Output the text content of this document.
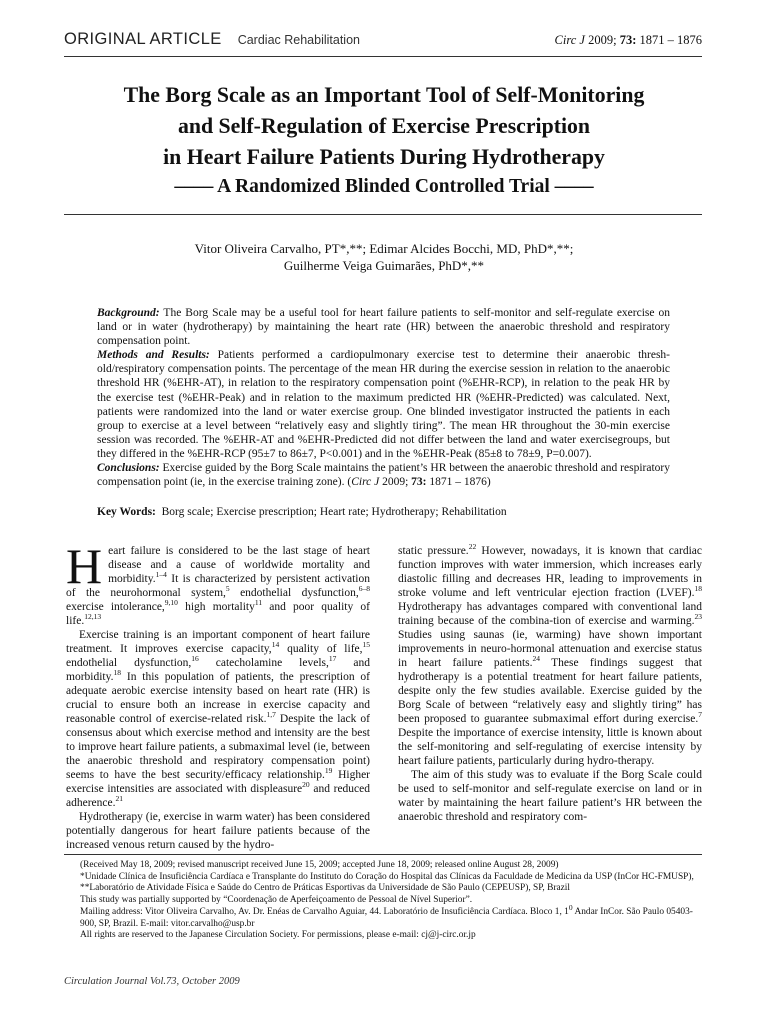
ORIGINAL ARTICLE Cardiac Rehabilitation	Circ J 2009; 73: 1871 – 1876
The Borg Scale as an Important Tool of Self-Monitoring
and Self-Regulation of Exercise Prescription
in Heart Failure Patients During Hydrotherapy
–––– A Randomized Blinded Controlled Trial ––––
Vitor Oliveira Carvalho, PT*,**; Edimar Alcides Bocchi, MD, PhD*,**;
Guilherme Veiga Guimarães, PhD*,**

Background: The Borg Scale may be a useful tool for heart failure patients to self-monitor and self-regulate exercise on land or in water (hydrotherapy) by maintaining the heart rate (HR) between the anaerobic threshold and respiratory compensation point.

Methods and Results: Patients performed a cardiopulmonary exercise test to determine their anaerobic thresh-old/respiratory compensation points. The percentage of the mean HR during the exercise session in relation to the anaerobic threshold HR (%EHR-AT), in relation to the respiratory compensation point (%EHR-RCP), in relation to the peak HR by the exercise test (%EHR-Peak) and in relation to the maximum predicted HR (%EHR-Predicted) was calculated. Next, patients were randomized into the land or water exercise group. One blinded investigator instructed the patients in each group to exercise at a level between “relatively easy and slightly tiring”. The mean HR throughout the 30-min exercise session was recorded. The %EHR-AT and %EHR-Predicted did not differ between the land and water exercisegroups, but they differed in the %EHR-RCP (95±7 to 86±7, P<0.001) and in the %EHR-Peak (85±8 to 78±9, P=0.007).

Conclusions: Exercise guided by the Borg Scale maintains the patient’s HR between the anaerobic threshold and respiratory compensation point (ie, in the exercise training zone). (Circ J 2009; 73: 1871 – 1876)

Key Words: Borg scale; Exercise prescription; Heart rate; Hydrotherapy; Rehabilitation

Heart failure is considered to be the last stage of heart disease and a cause of worldwide mortality and morbidity.$^{1-4}$ It is characterized by persistent activation of the neurohormonal system,$^5$ endothelial dysfunction,$^{6-8}$ exercise intolerance,$^{9,10}$ high mortality$^{11}$ and poor quality of life.$^{12,13}$

Exercise training is an important component of heart failure treatment. It improves exercise capacity,$^{14}$ quality of life,$^{15}$ endothelial dysfunction,$^{16}$ catecholamine levels,$^{17}$ and morbidity.$^{18}$ In this population of patients, the prescription of adequate aerobic exercise intensity based on heart rate (HR) is crucial to ensure both an increase in exercise capacity and reasonable control of exercise-related risk.$^{1,7}$ Despite the lack of consensus about which exercise method and intensity are the best to improve heart failure patients, a submaximal level (ie, between the anaerobic threshold and respiratory compensation point) seems to have the best security/efficacy relationship.$^{19}$ Higher exercise intensities are associated with displeasure$^{20}$ and reduced adherence.$^{21}$

Hydrotherapy (ie, exercise in warm water) has been considered potentially dangerous for heart failure patients because of the increased venous return caused by the hydro-

static pressure.$^{22}$ However, nowadays, it is known that cardiac function improves with water immersion, which increases early diastolic filling and decreases HR, leading to improvements in stroke volume and left ventricular ejection fraction (LVEF).$^{18}$ Hydrotherapy has advantages compared with conventional land training because of the combina-tion of exercise and warming.$^{23}$ Studies using saunas (ie, warming) have shown important improvements in neuro-hormonal attenuation and exercise status in heart failure patients.$^{24}$ These findings suggest that hydrotherapy is a potential treatment for heart failure patients, despite only the few studies available. Exercise guided by the Borg Scale of between “relatively easy and slightly tiring” has been proposed to guarantee submaximal effort during exercise.$^7$ Despite the importance of exercise intensity, little is known about the self-monitoring and self-regulating of exercise intensity by heart failure patients, particularly during hydro-therapy.

The aim of this study was to evaluate if the Borg Scale could be used to self-monitor and self-regulate exercise on land or in water by maintaining the heart failure patient’s HR between the anaerobic threshold and respiratory com-

(Received May 18, 2009; revised manuscript received June 15, 2009; accepted June 18, 2009; released online August 28, 2009)

*Unidade Clínica de Insuficiência Cardíaca e Transplante do Instituto do Coração do Hospital das Clínicas da Faculdade de Medicina da USP (InCor HC-FMUSP), **Laboratório de Atividade Física e Saúde do Centro de Práticas Esportivas da Universidade de São Paulo (CEPEUSP), SP, Brazil

This study was partially supported by “Coordenação de Aperfeiçoamento de Pessoal de Nível Superior”.

Mailing address: Vitor Oliveira Carvalho, Av. Dr. Enéas de Carvalho Aguiar, 44. Laboratório de Insuficiência Cardíaca. Bloco 1, $1^0$ Andar InCor. São Paulo 05403-900, SP, Brazil. E-mail: vitor.carvalho@usp.br

All rights are reserved to the Japanese Circulation Society. For permissions, please e-mail: cj@j-circ.or.jp

Circulation Journal Vol.73, October 2009
